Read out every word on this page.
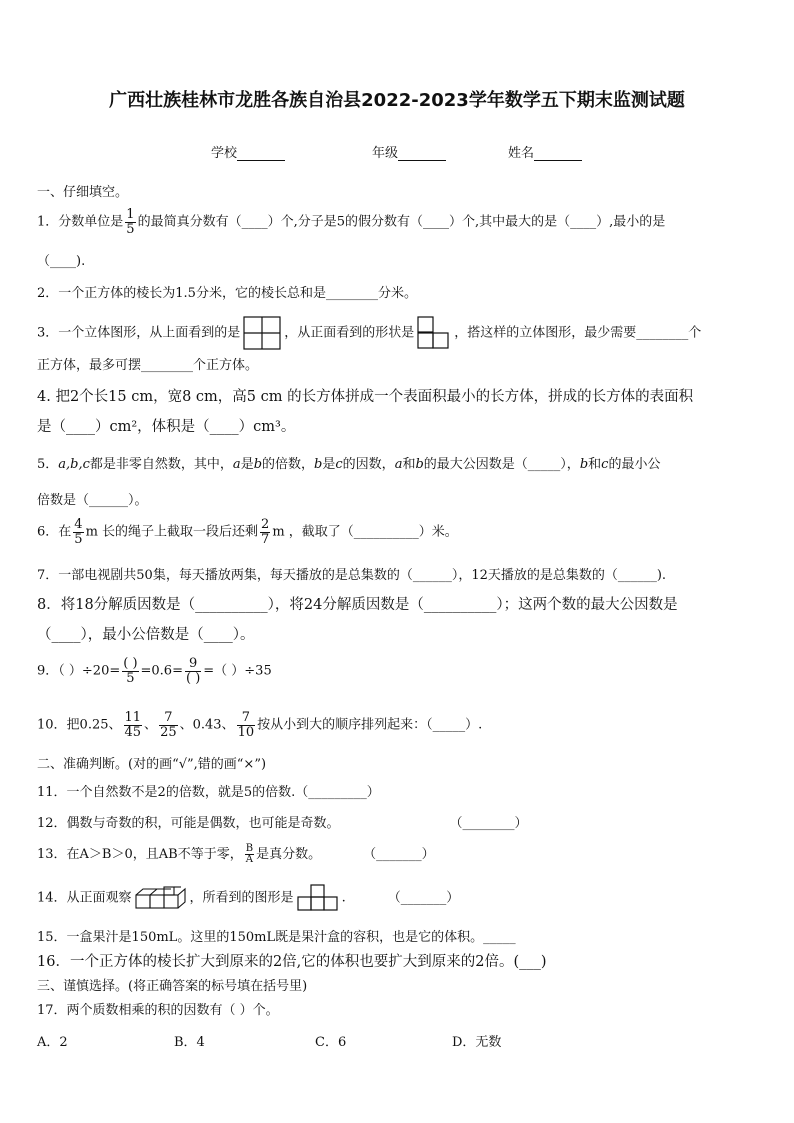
广西壮族桂林市龙胜各族自治县2022-2023学年数学五下期末监测试题
学校	年级	姓名
一、仔细填空。
1．分数单位是 $\frac{1}{5}$ 的最简真分数有（____）个,分子是5的假分数有（____）个,其中最大的是（____）,最小的是
（____).
2．一个正方体的棱长为1.5分米，它的棱长总和是________分米。
3．一个立体图形，从上面看到的是	，从正面看到的形状是	，搭这样的立体图形，最少需要________个
正方体，最多可摆________个正方体。
4. 把2个长15 cm，宽8 cm，高5 cm 的长方体拼成一个表面积最小的长方体，拼成的长方体的表面积
是（____）cm²，体积是（____）cm³。
5．a,b,c都是非零自然数，其中，a是b的倍数，b是c的因数，a和b的最大公因数是（_____），b和c的最小公
倍数是（______）。
6．在 $\frac{4}{5}$ m 长的绳子上截取一段后还剩 $\frac{2}{7}$ m ，截取了（__________）米。
7．一部电视剧共50集，每天播放两集，每天播放的是总集数的（______），12天播放的是总集数的（______).
8．将18分解质因数是（__________），将24分解质因数是（__________）；这两个数的最大公因数是
（____），最小公倍数是（____）。
9．（ ）$\div 20= \frac{( )}{5} =0.6= \frac{9}{( )}$ =（ ）÷35
10．把0.25、 $\frac{11}{45}$ 、 $\frac{7}{25}$ 、0.43、 $\frac{7}{10}$ 按从小到大的顺序排列起来：（_____）.
二、准确判断。(对的画“√”,错的画“×”)
11．一个自然数不是2的倍数，就是5的倍数.（_________）
12．偶数与奇数的积，可能是偶数，也可能是奇数。	（________）
13．在A＞B＞0，且AB不等于零， $\frac{B}{A}$ 是真分数。	（_______）
14．从正面观察	，所看到的图形是	.	（_______）
15．一盒果汁是150mL。这里的150mL既是果汁盒的容积，也是它的体积。_____
16．一个正方体的棱长扩大到原来的2倍,它的体积也要扩大到原来的2倍。(___)
三、谨慎选择。(将正确答案的标号填在括号里)
17．两个质数相乘的积的因数有（ ）个。
A．2	B．4	C．6	D．无数
